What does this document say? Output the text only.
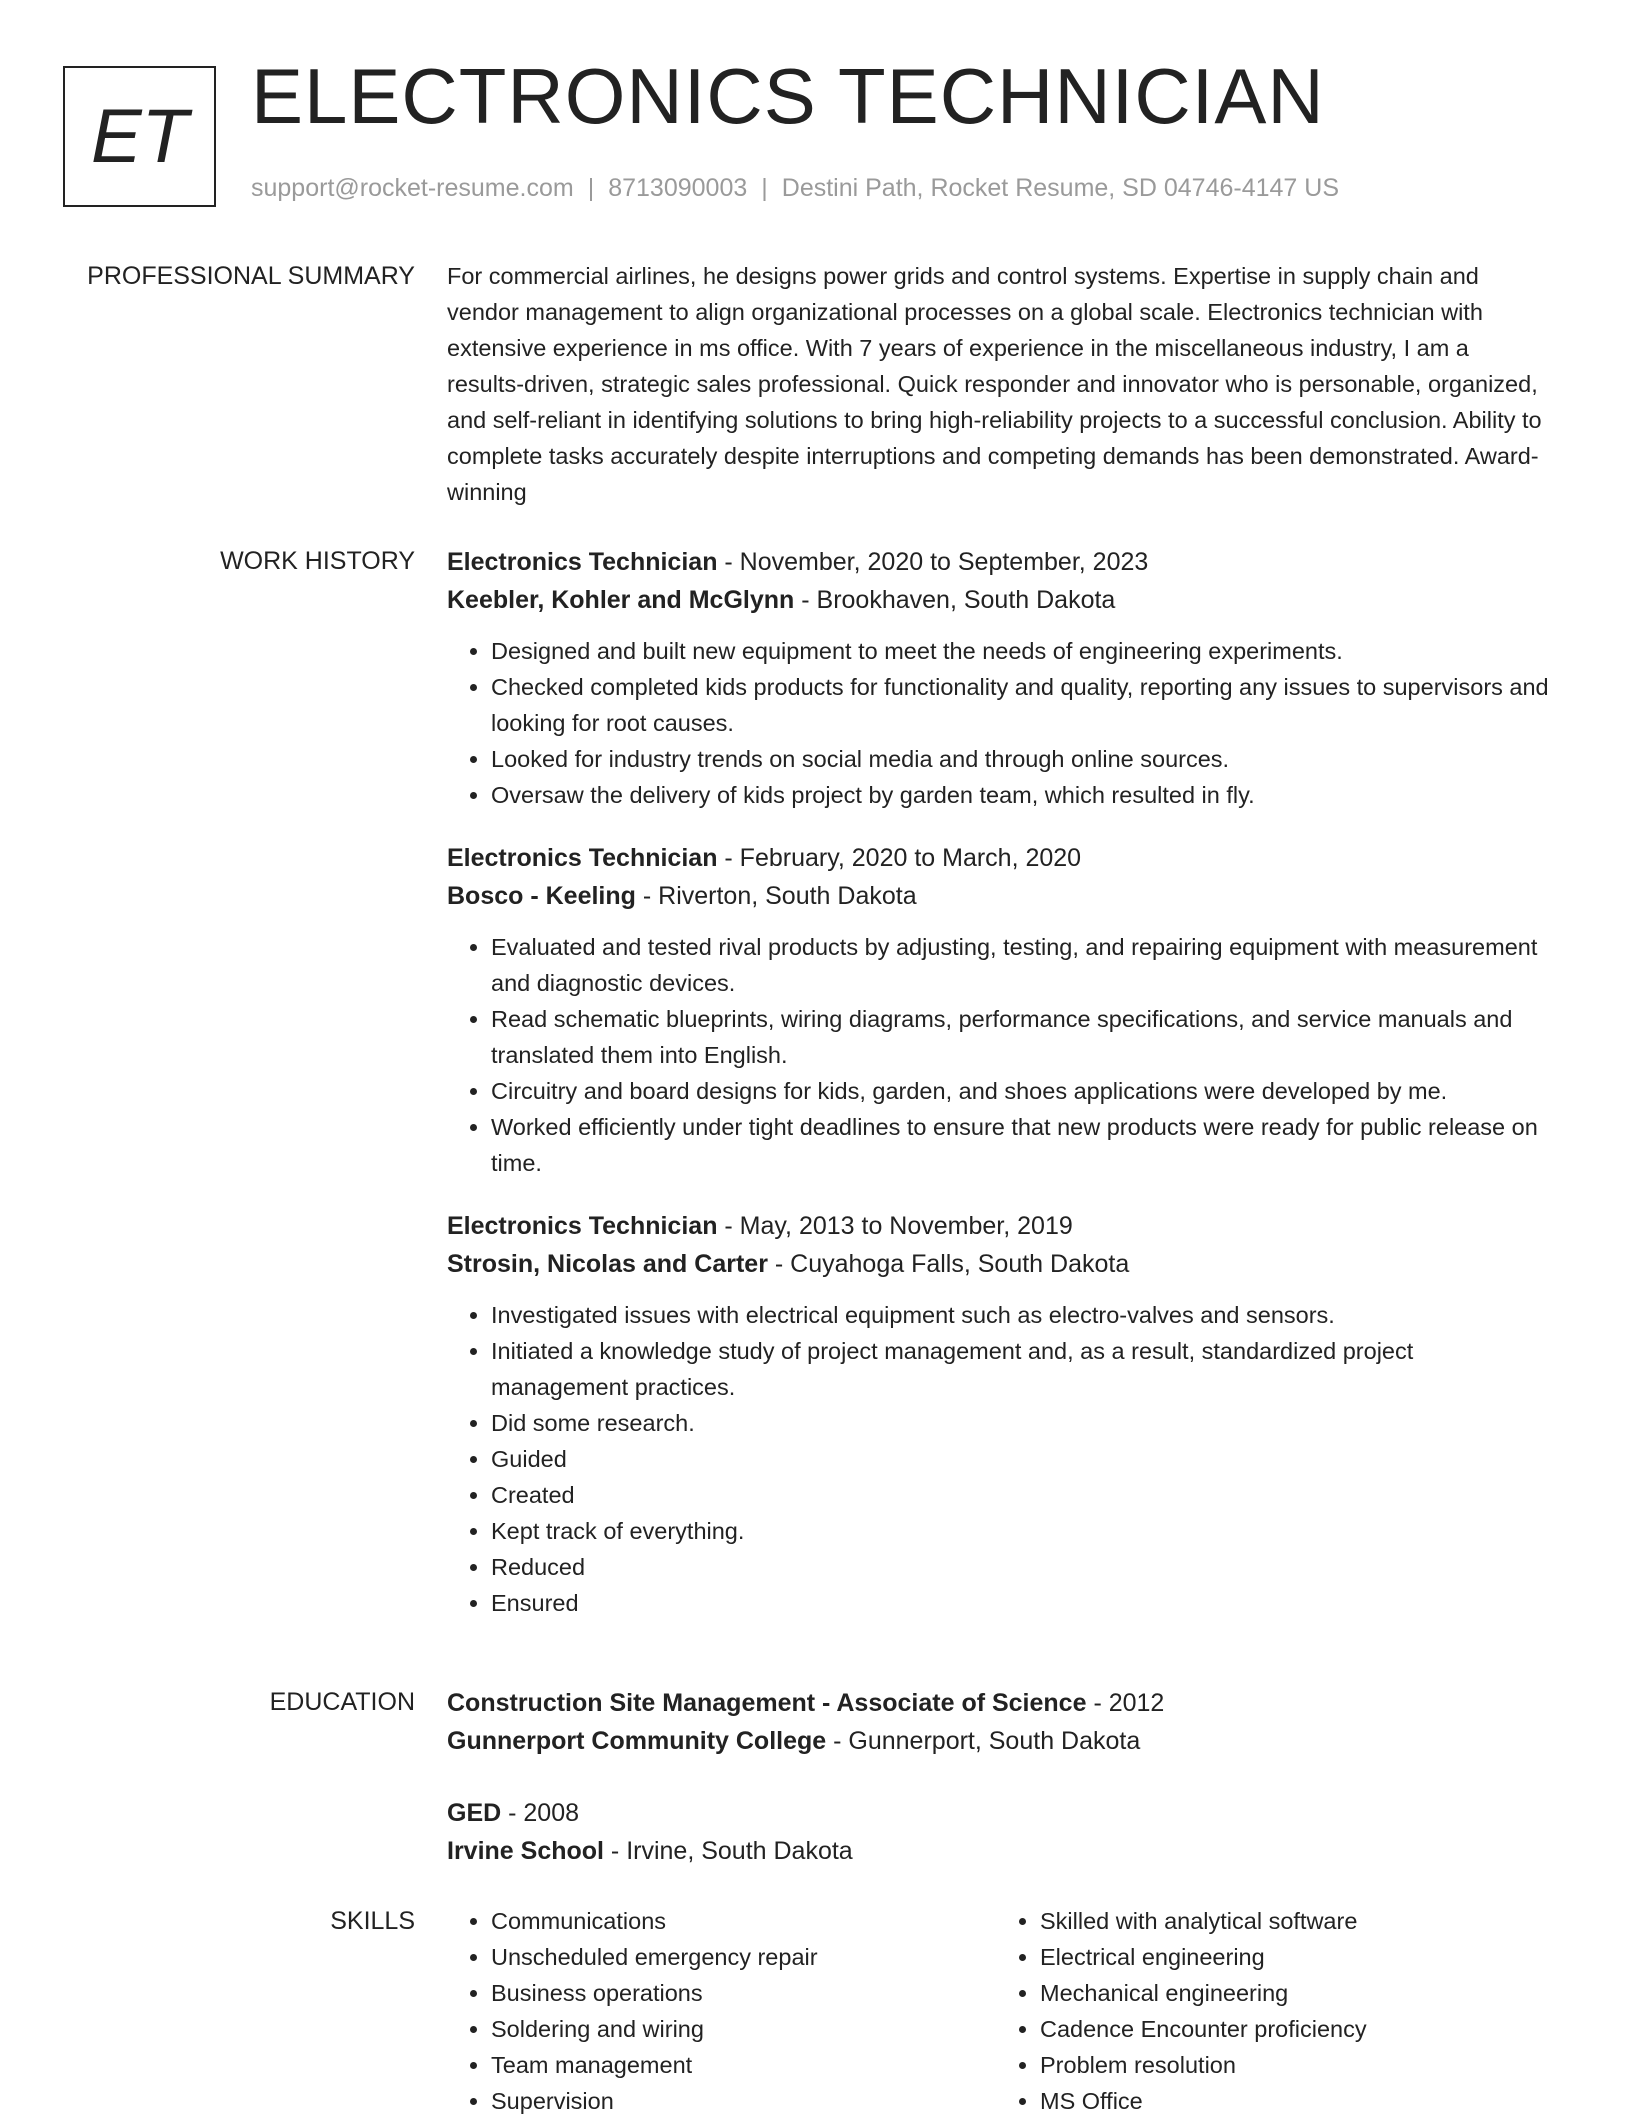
ET ELECTRONICS TECHNICIAN
support@rocket-resume.com | 8713090003 | Destini Path, Rocket Resume, SD 04746-4147 US
PROFESSIONAL SUMMARY For commercial airlines, he designs power grids and control systems. Expertise in supply chain and vendor management to align organizational processes on a global scale. Electronics technician with extensive experience in ms office. With 7 years of experience in the miscellaneous industry, I am a results-driven, strategic sales professional. Quick responder and innovator who is personable, organized, and self-reliant in identifying solutions to bring high-reliability projects to a successful conclusion. Ability to complete tasks accurately despite interruptions and competing demands has been demonstrated. Award-winning
WORK HISTORY Electronics Technician - November, 2020 to September, 2023
Keebler, Kohler and McGlynn - Brookhaven, South Dakota
• Designed and built new equipment to meet the needs of engineering experiments.
• Checked completed kids products for functionality and quality, reporting any issues to supervisors and looking for root causes.
• Looked for industry trends on social media and through online sources.
• Oversaw the delivery of kids project by garden team, which resulted in fly.
Electronics Technician - February, 2020 to March, 2020
Bosco - Keeling - Riverton, South Dakota
• Evaluated and tested rival products by adjusting, testing, and repairing equipment with measurement and diagnostic devices.
• Read schematic blueprints, wiring diagrams, performance specifications, and service manuals and translated them into English.
• Circuitry and board designs for kids, garden, and shoes applications were developed by me.
• Worked efficiently under tight deadlines to ensure that new products were ready for public release on time.
Electronics Technician - May, 2013 to November, 2019
Strosin, Nicolas and Carter - Cuyahoga Falls, South Dakota
• Investigated issues with electrical equipment such as electro-valves and sensors.
• Initiated a knowledge study of project management and, as a result, standardized project management practices.
• Did some research.
• Guided
• Created
• Kept track of everything.
• Reduced
• Ensured
EDUCATION Construction Site Management - Associate of Science - 2012
Gunnerport Community College - Gunnerport, South Dakota
GED - 2008
Irvine School - Irvine, South Dakota
SKILLS
•	Communications
• Unscheduled emergency repair
• Business operations
• Soldering and wiring
• Team management
• Supervision
• Skilled with analytical software
• Electrical engineering
• Mechanical engineering
• Cadence Encounter proficiency
• Problem resolution
• MS Office
